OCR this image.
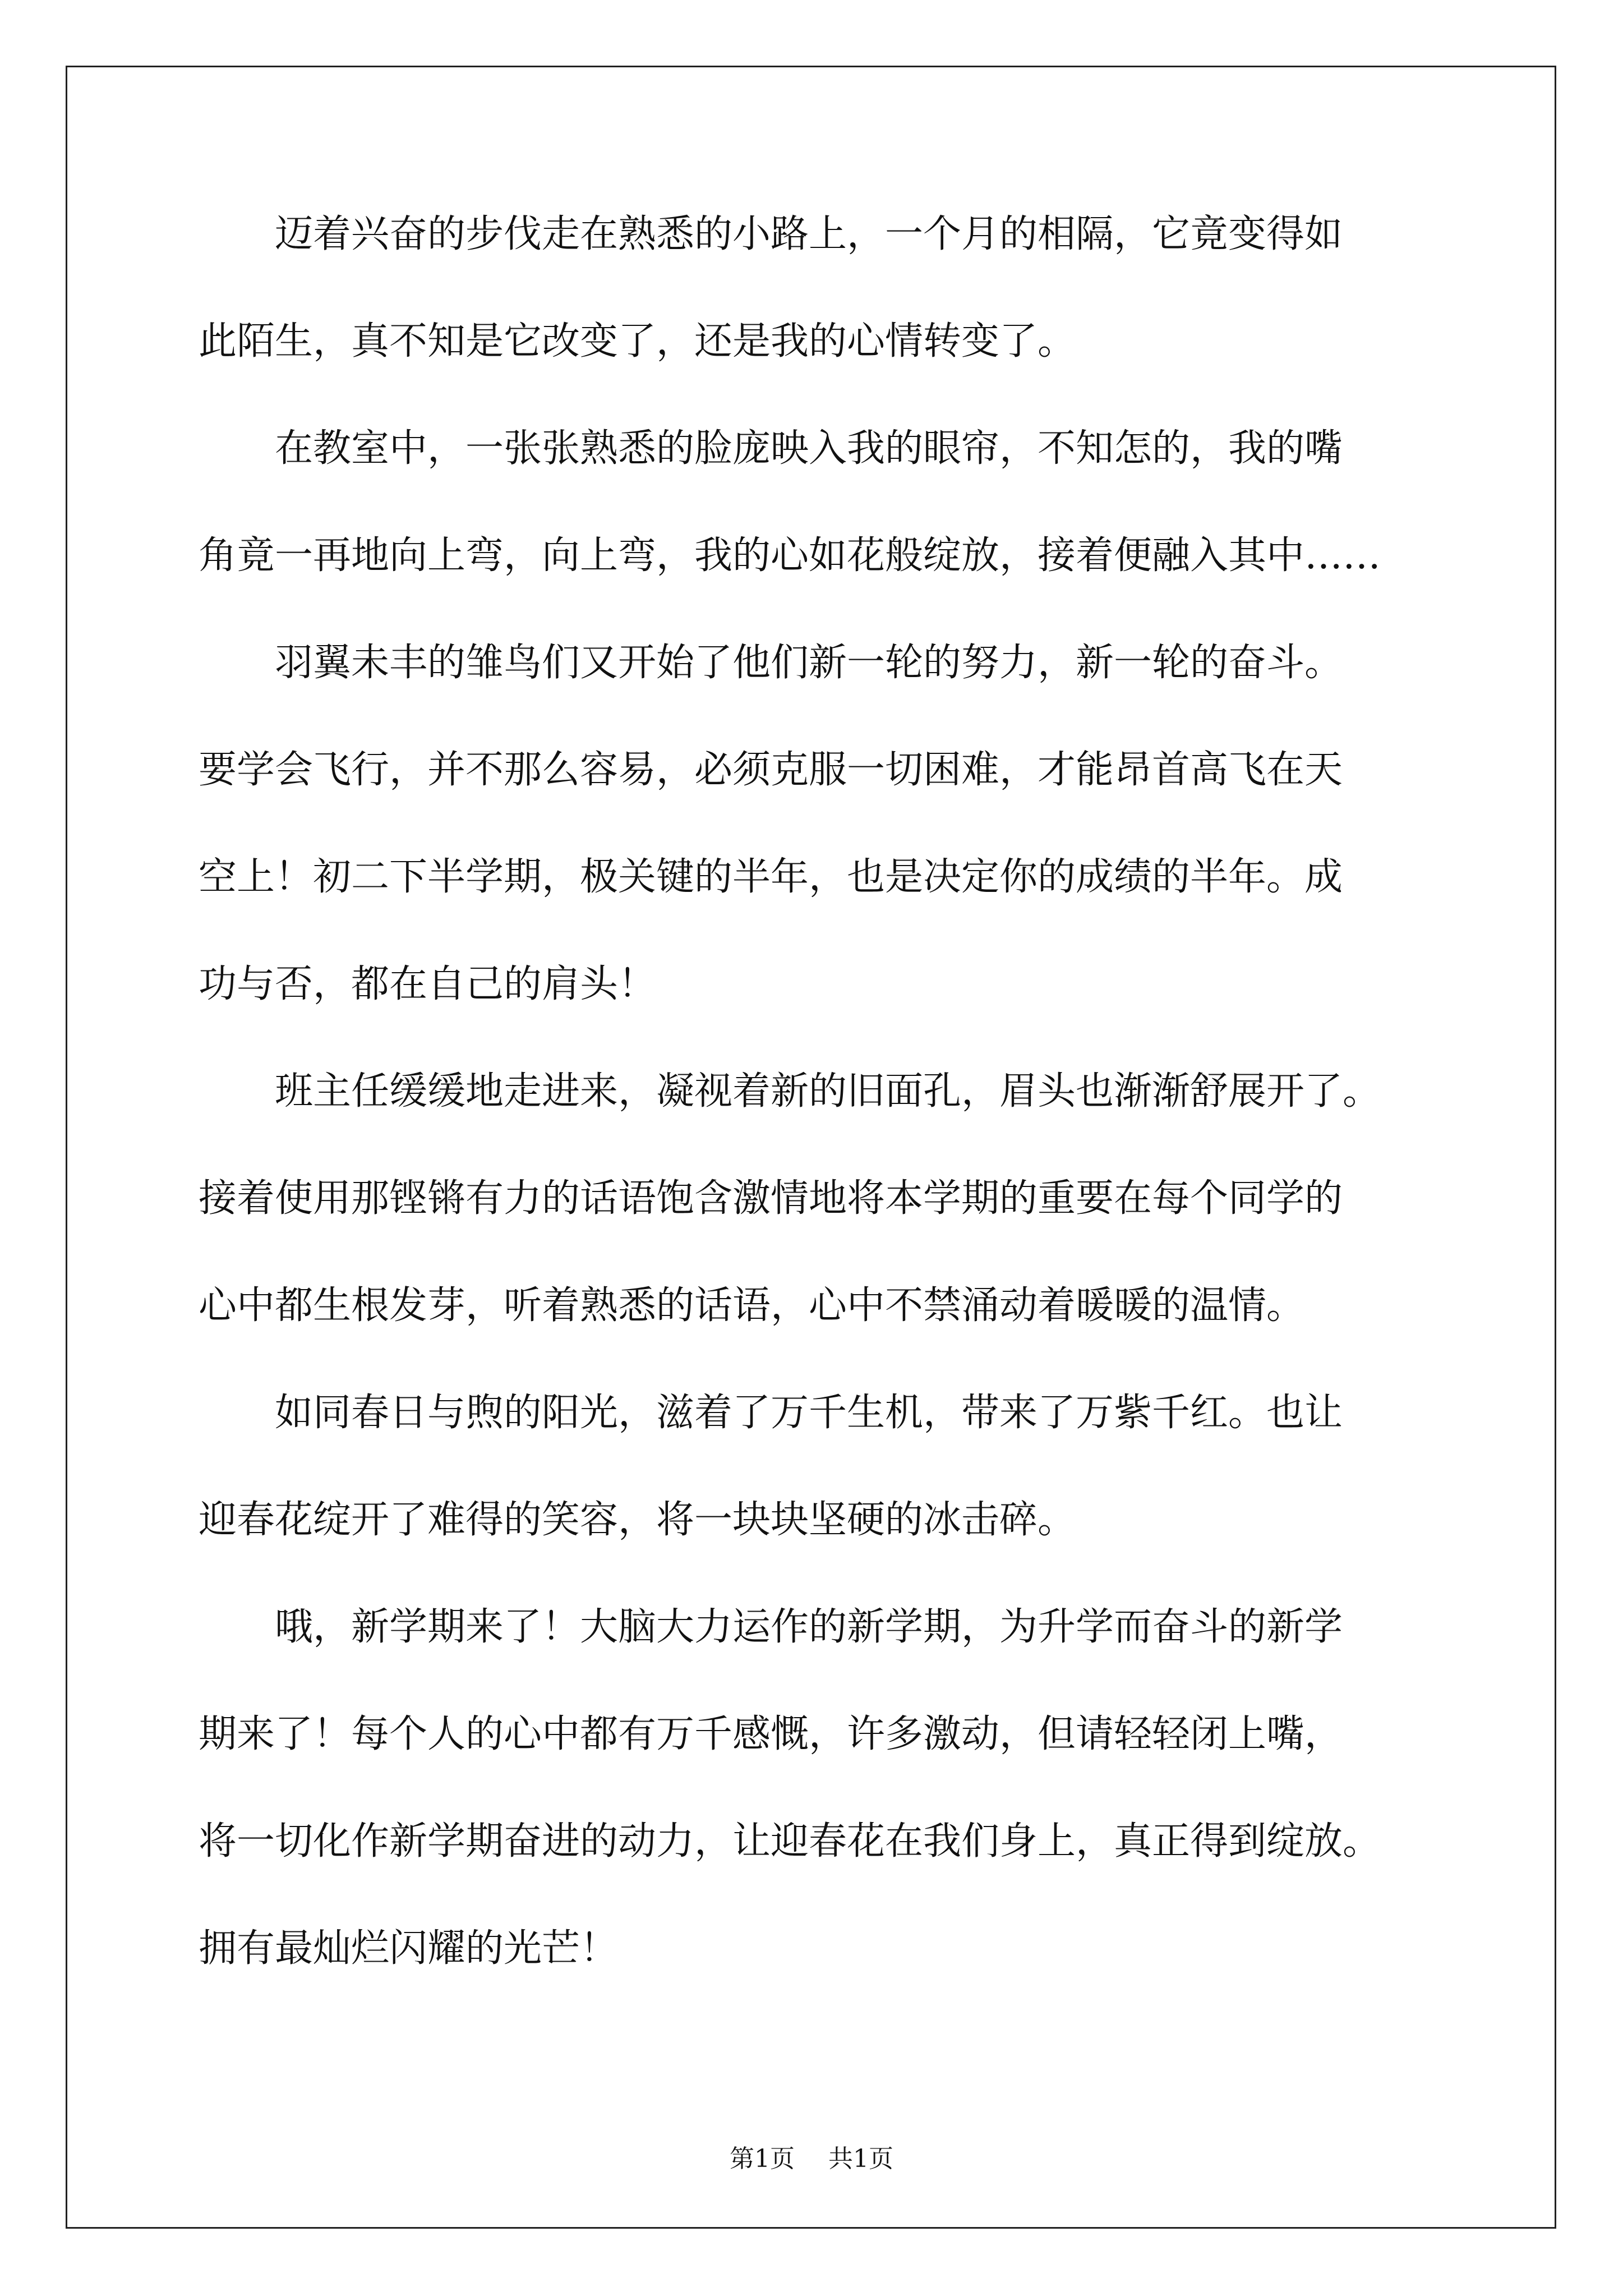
　　迈着兴奋的步伐走在熟悉的小路上，一个月的相隔，它竟变得如
此陌生，真不知是它改变了，还是我的心情转变了。
　　在教室中，一张张熟悉的脸庞映入我的眼帘，不知怎的，我的嘴
角竟一再地向上弯，向上弯，我的心如花般绽放，接着便融入其中……
　　羽翼未丰的雏鸟们又开始了他们新一轮的努力，新一轮的奋斗。
要学会飞行，并不那么容易，必须克服一切困难，才能昂首高飞在天
空上！初二下半学期，极关键的半年，也是决定你的成绩的半年。成
功与否，都在自己的肩头！
　　班主任缓缓地走进来，凝视着新的旧面孔，眉头也渐渐舒展开了。
接着使用那铿锵有力的话语饱含激情地将本学期的重要在每个同学的
心中都生根发芽，听着熟悉的话语，心中不禁涌动着暖暖的温情。
　　如同春日与煦的阳光，滋着了万千生机，带来了万紫千红。也让
迎春花绽开了难得的笑容，将一块块坚硬的冰击碎。
　　哦，新学期来了！大脑大力运作的新学期，为升学而奋斗的新学
期来了！每个人的心中都有万千感慨，许多激动，但请轻轻闭上嘴，
将一切化作新学期奋进的动力，让迎春花在我们身上，真正得到绽放。
拥有最灿烂闪耀的光芒！
第1页 共1页
